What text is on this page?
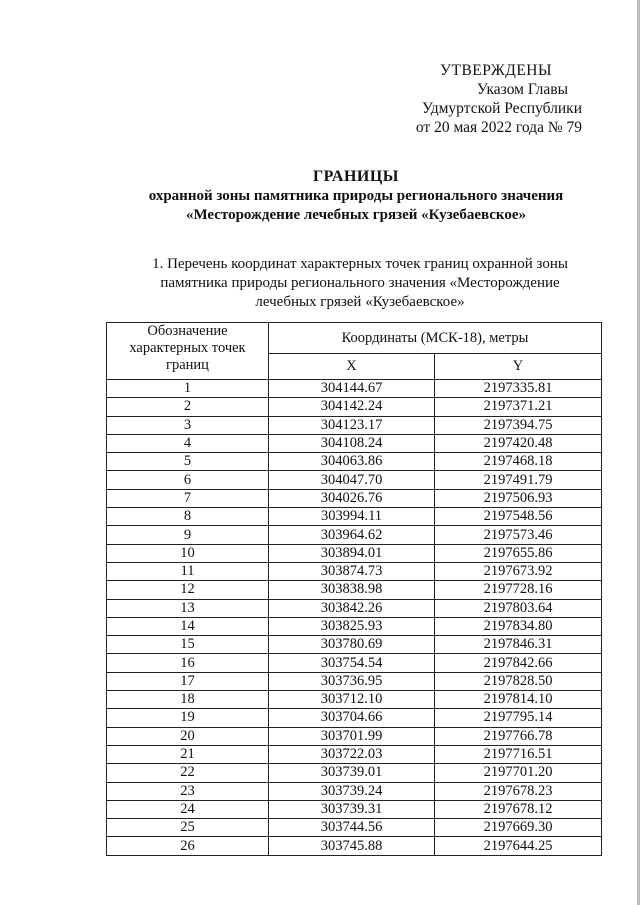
УТВЕРЖДЕНЫ
Указом Главы
Удмуртской Республики
от 20 мая 2022 года № 79
ГРАНИЦЫ
охранной зоны памятника природы регионального значения
«Месторождение лечебных грязей «Кузебаевское»
1. Перечень координат характерных точек границ охранной зоны
памятника природы регионального значения «Месторождение
лечебных грязей «Кузебаевское»
Обозначение характерных точек границ	Координаты (МСК-18), метры	
	X	Y
1	304144.67	2197335.81
2	304142.24	2197371.21
3	304123.17	2197394.75
4	304108.24	2197420.48
5	304063.86	2197468.18
6	304047.70	2197491.79
7	304026.76	2197506.93
8	303994.11	2197548.56
9	303964.62	2197573.46
10	303894.01	2197655.86
11	303874.73	2197673.92
12	303838.98	2197728.16
13	303842.26	2197803.64
14	303825.93	2197834.80
15	303780.69	2197846.31
16	303754.54	2197842.66
17	303736.95	2197828.50
18	303712.10	2197814.10
19	303704.66	2197795.14
20	303701.99	2197766.78
21	303722.03	2197716.51
22	303739.01	2197701.20
23	303739.24	2197678.23
24	303739.31	2197678.12
25	303744.56	2197669.30
26	303745.88	2197644.25
